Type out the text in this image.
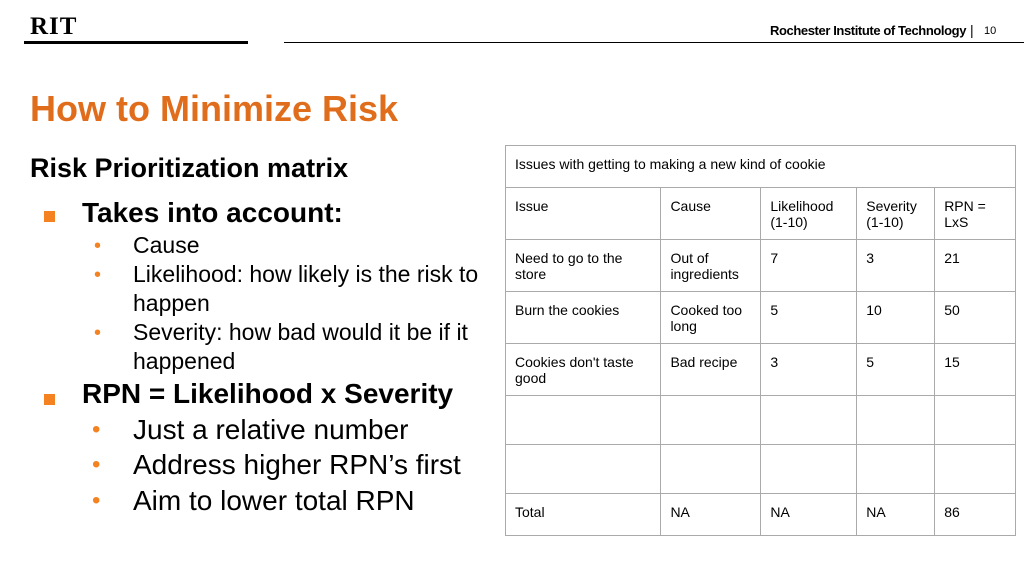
RIT	Rochester Institute of Technology | 10
How to Minimize Risk
Risk Prioritization matrix
Takes into account:
• Cause
• Likelihood: how likely is the risk to
happen
• Severity: how bad would it be if it
happened
RPN = Likelihood x Severity
• Just a relative number
• Address higher RPN’s first
• Aim to lower total RPN
Issues with getting to making a new kind of cookie				
Issue	Cause	Likelihood (1-10)	Severity (1-10)	RPN = LxS
Need to go to the store	Out of ingredients	7	3	21
Burn the cookies	Cooked too long	5	10	50
Cookies don't taste good	Bad recipe	3	5	15

Total	NA	NA	NA	86
